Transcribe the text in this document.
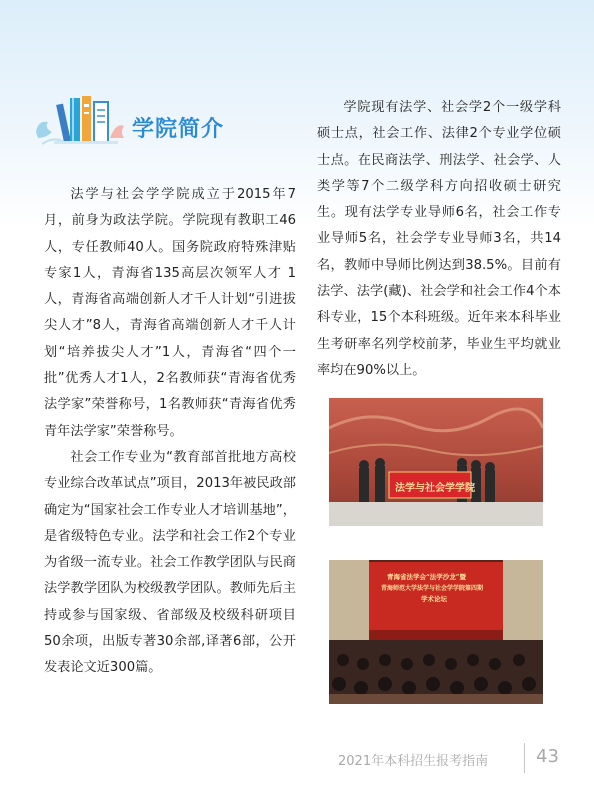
学院简介

法学与社会学学院成立于2015年7月，前身为政法学院。学院现有教职工46人，专任教师40人。国务院政府特殊津贴专家1人，青海省135高层次领军人才 1人，青海省高端创新人才千人计划“引进拔尖人才”8人，青海省高端创新人才千人计划“培养拔尖人才”1人，青海省“四个一批”优秀人才1人，2名教师获“青海省优秀法学家”荣誉称号，1名教师获“青海省优秀青年法学家”荣誉称号。

社会工作专业为“教育部首批地方高校专业综合改革试点”项目，2013年被民政部确定为“国家社会工作专业人才培训基地”，是省级特色专业。法学和社会工作2个专业为省级一流专业。社会工作教学团队与民商法学教学团队为校级教学团队。教师先后主持或参与国家级、省部级及校级科研项目50余项，出版专著30余部,译著6部，公开发表论文近300篇。

学院现有法学、社会学2个一级学科硕士点，社会工作、法律2个专业学位硕士点。在民商法学、刑法学、社会学、人类学等7个二级学科方向招收硕士研究生。现有法学专业导师6名，社会工作专业导师5名，社会学专业导师3名，共14名，教师中导师比例达到38.5%。目前有法学、法学(藏)、社会学和社会工作4个本科专业，15个本科班级。近年来本科毕业生考研率名列学校前茅，毕业生平均就业率均在90%以上。

法学与社会学学院
青海省法学会“法学沙龙”暨
青海师范大学法学与社会学学院第四期
学术论坛
2021年本科招生报考指南	43
